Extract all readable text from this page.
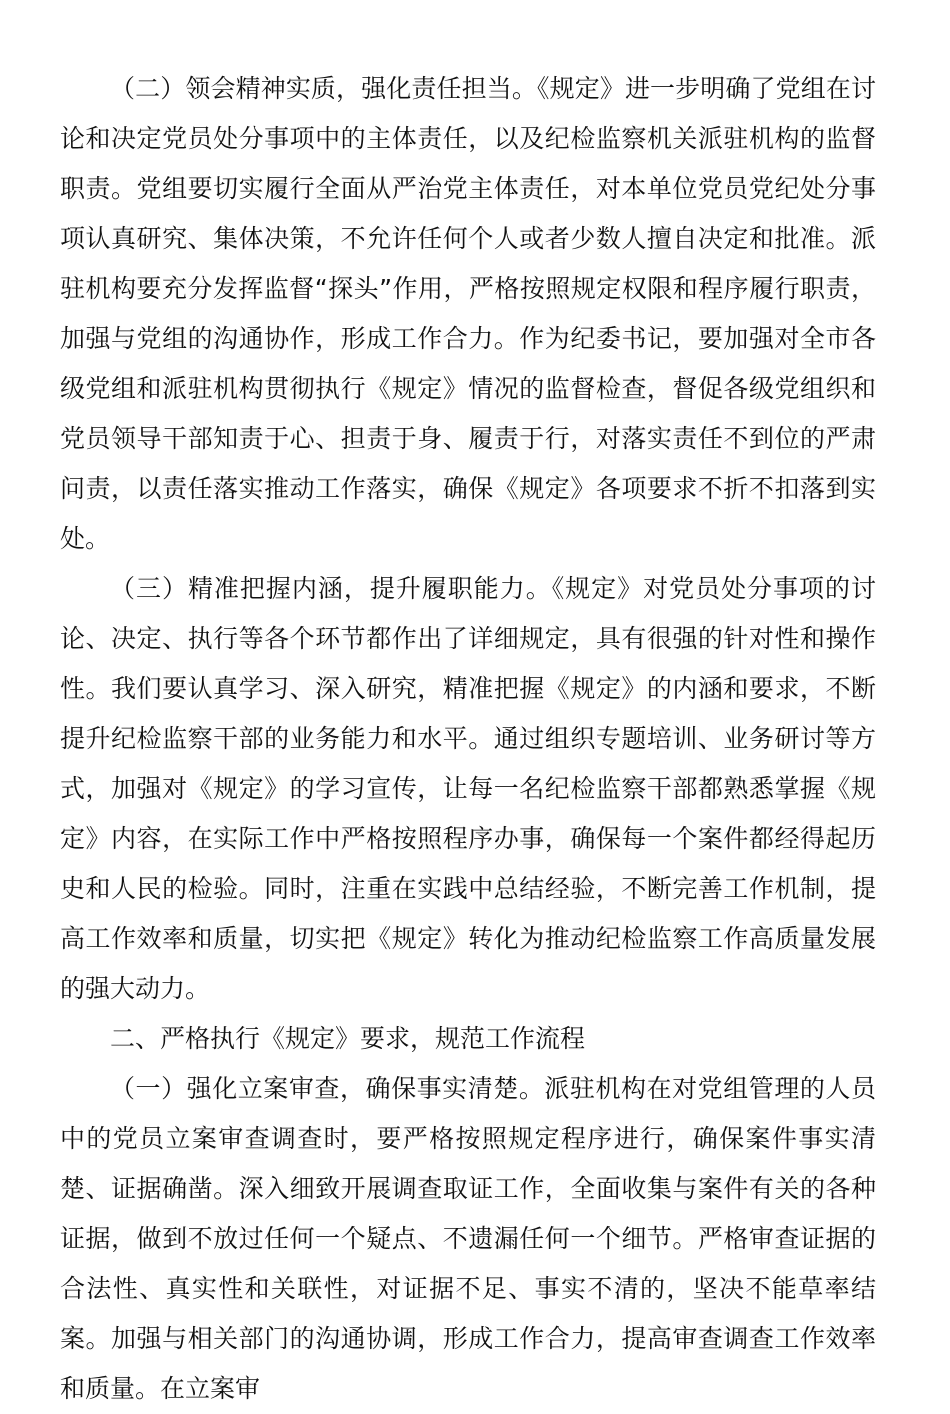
（二）领会精神实质，强化责任担当。《规定》进一步明确了党组在讨论和决定党员处分事项中的主体责任，以及纪检监察机关派驻机构的监督职责。党组要切实履行全面从严治党主体责任，对本单位党员党纪处分事项认真研究、集体决策，不允许任何个人或者少数人擅自决定和批准。派驻机构要充分发挥监督“探头”作用，严格按照规定权限和程序履行职责，加强与党组的沟通协作，形成工作合力。作为纪委书记，要加强对全市各级党组和派驻机构贯彻执行《规定》情况的监督检查，督促各级党组织和党员领导干部知责于心、担责于身、履责于行，对落实责任不到位的严肃问责，以责任落实推动工作落实，确保《规定》各项要求不折不扣落到实处。

（三）精准把握内涵，提升履职能力。《规定》对党员处分事项的讨论、决定、执行等各个环节都作出了详细规定，具有很强的针对性和操作性。我们要认真学习、深入研究，精准把握《规定》的内涵和要求，不断提升纪检监察干部的业务能力和水平。通过组织专题培训、业务研讨等方式，加强对《规定》的学习宣传，让每一名纪检监察干部都熟悉掌握《规定》内容，在实际工作中严格按照程序办事，确保每一个案件都经得起历史和人民的检验。同时，注重在实践中总结经验，不断完善工作机制，提高工作效率和质量，切实把《规定》转化为推动纪检监察工作高质量发展的强大动力。

二、严格执行《规定》要求，规范工作流程

（一）强化立案审查，确保事实清楚。派驻机构在对党组管理的人员中的党员立案审查调查时，要严格按照规定程序进行，确保案件事实清楚、证据确凿。深入细致开展调查取证工作，全面收集与案件有关的各种证据，做到不放过任何一个疑点、不遗漏任何一个细节。严格审查证据的合法性、真实性和关联性，对证据不足、事实不清的，坚决不能草率结案。加强与相关部门的沟通协调，形成工作合力，提高审查调查工作效率和质量。在立案审
